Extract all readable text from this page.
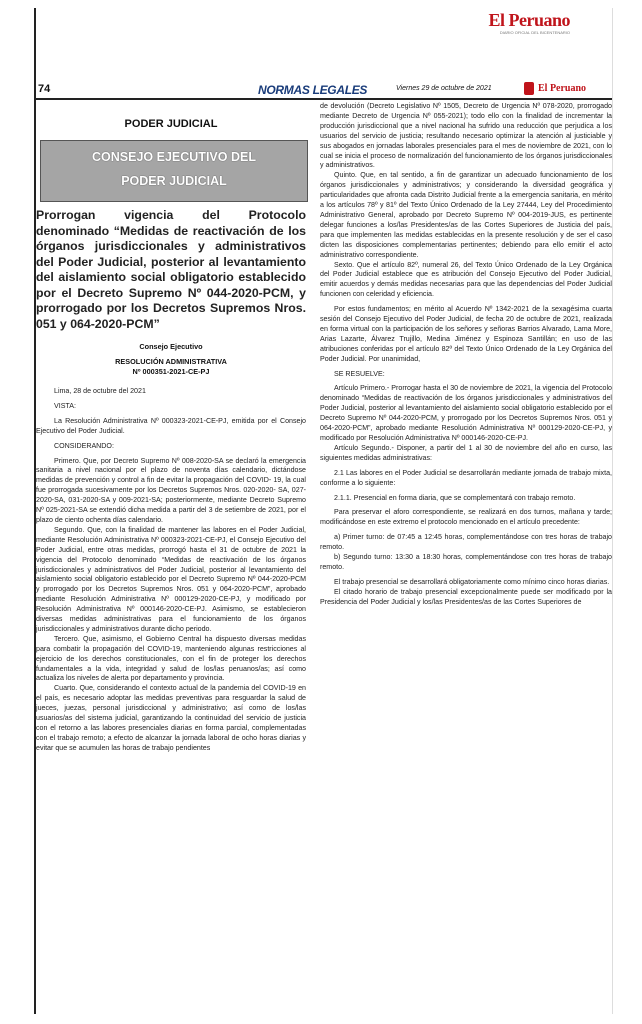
El Peruano
DIARIO OFICIAL DEL BICENTENARIO
74	NORMAS LEGALES	Viernes 29 de octubre de 2021	El Peruano
PODER JUDICIAL
CONSEJO EJECUTIVO DEL
PODER JUDICIAL

Prorrogan vigencia del Protocolo denominado “Medidas de reactivación de los órganos jurisdiccionales y administrativos del Poder Judicial, posterior al levantamiento del aislamiento social obligatorio establecido por el Decreto Supremo Nº 044-2020-PCM, y prorrogado por los Decretos Supremos Nros. 051 y 064-2020-PCM”

Consejo Ejecutivo

RESOLUCIÓN ADMINISTRATIVA

Nº 000351-2021-CE-PJ

Lima, 28 de octubre del 2021

VISTA:

La Resolución Administrativa Nº 000323-2021-CE-PJ, emitida por el Consejo Ejecutivo del Poder Judicial.

CONSIDERANDO:

Primero. Que, por Decreto Supremo Nº 008-2020-SA se declaró la emergencia sanitaria a nivel nacional por el plazo de noventa días calendario, dictándose medidas de prevención y control a fin de evitar la propagación del COVID- 19, la cual fue prorrogada sucesivamente por los Decretos Supremos Nros. 020-2020- SA, 027-2020-SA, 031-2020-SA y 009-2021-SA; posteriormente, mediante Decreto Supremo Nº 025-2021-SA se extendió dicha medida a partir del 3 de setiembre de 2021, por el plazo de ciento ochenta días calendario.

Segundo. Que, con la finalidad de mantener las labores en el Poder Judicial, mediante Resolución Administrativa Nº 000323-2021-CE-PJ, el Consejo Ejecutivo del Poder Judicial, entre otras medidas, prorrogó hasta el 31 de octubre de 2021 la vigencia del Protocolo denominado “Medidas de reactivación de los órganos jurisdiccionales y administrativos del Poder Judicial, posterior al levantamiento del aislamiento social obligatorio establecido por el Decreto Supremo Nº 044-2020-PCM y prorrogado por los Decretos Supremos Nros. 051 y 064-2020-PCM”, aprobado mediante Resolución Administrativa Nº 000129-2020-CE-PJ, y modificado por Resolución Administrativa Nº 000146-2020-CE-PJ. Asimismo, se establecieron diversas medidas administrativas para el funcionamiento de los órganos jurisdiccionales y administrativos durante dicho periodo.

Tercero. Que, asimismo, el Gobierno Central ha dispuesto diversas medidas para combatir la propagación del COVID-19, manteniendo algunas restricciones al ejercicio de los derechos constitucionales, con el fin de proteger los derechos fundamentales a la vida, integridad y salud de los/las peruanos/as; así como actualiza los niveles de alerta por departamento y provincia.

Cuarto. Que, considerando el contexto actual de la pandemia del COVID-19 en el país, es necesario adoptar las medidas preventivas para resguardar la salud de jueces, juezas, personal jurisdiccional y administrativo; así como de los/las usuarios/as del sistema judicial, garantizando la continuidad del servicio de justicia con el retorno a las labores presenciales diarias en forma parcial, complementadas con el trabajo remoto; a efecto de alcanzar la jornada laboral de ocho horas diarias y evitar que se acumulen las horas de trabajo pendientes

de devolución (Decreto Legislativo Nº 1505, Decreto de Urgencia Nº 078-2020, prorrogado mediante Decreto de Urgencia Nº 055-2021); todo ello con la finalidad de incrementar la producción jurisdiccional que a nivel nacional ha sufrido una reducción que perjudica a los usuarios del servicio de justicia; resultando necesario optimizar la atención al justiciable y sus abogados en jornadas laborales presenciales para el mes de noviembre de 2021, con lo cual se inicia el proceso de normalización del funcionamiento de los órganos jurisdiccionales y administrativos.

Quinto. Que, en tal sentido, a fin de garantizar un adecuado funcionamiento de los órganos jurisdiccionales y administrativos; y considerando la diversidad geográfica y particularidades que afronta cada Distrito Judicial frente a la emergencia sanitaria, en mérito a los artículos 78º y 81º del Texto Único Ordenado de la Ley 27444, Ley del Procedimiento Administrativo General, aprobado por Decreto Supremo Nº 004-2019-JUS, es pertinente delegar funciones a los/las Presidentes/as de las Cortes Superiores de Justicia del país, para que implementen las medidas establecidas en la presente resolución y de ser el caso dicten las disposiciones complementarias pertinentes; debiendo para ello emitir el acto administrativo correspondiente.

Sexto. Que el artículo 82º, numeral 26, del Texto Único Ordenado de la Ley Orgánica del Poder Judicial establece que es atribución del Consejo Ejecutivo del Poder Judicial, emitir acuerdos y demás medidas necesarias para que las dependencias del Poder Judicial funcionen con celeridad y eficiencia.

Por estos fundamentos; en mérito al Acuerdo Nº 1342-2021 de la sexagésima cuarta sesión del Consejo Ejecutivo del Poder Judicial, de fecha 20 de octubre de 2021, realizada en forma virtual con la participación de los señores y señoras Barrios Alvarado, Lama More, Arias Lazarte, Álvarez Trujillo, Medina Jiménez y Espinoza Santillán; en uso de las atribuciones conferidas por el artículo 82º del Texto Único Ordenado de la Ley Orgánica del Poder Judicial. Por unanimidad,

SE RESUELVE:

Artículo Primero.- Prorrogar hasta el 30 de noviembre de 2021, la vigencia del Protocolo denominado “Medidas de reactivación de los órganos jurisdiccionales y administrativos del Poder Judicial, posterior al levantamiento del aislamiento social obligatorio establecido por el Decreto Supremo Nº 044-2020-PCM, y prorrogado por los Decretos Supremos Nros. 051 y 064-2020-PCM”, aprobado mediante Resolución Administrativa Nº 000129-2020-CE-PJ, y modificado por Resolución Administrativa Nº 000146-2020-CE-PJ.

Artículo Segundo.- Disponer, a partir del 1 al 30 de noviembre del año en curso, las siguientes medidas administrativas:

2.1 Las labores en el Poder Judicial se desarrollarán mediante jornada de trabajo mixta, conforme a lo siguiente:

2.1.1. Presencial en forma diaria, que se complementará con trabajo remoto.

Para preservar el aforo correspondiente, se realizará en dos turnos, mañana y tarde; modificándose en este extremo el protocolo mencionado en el artículo precedente:

a) Primer turno: de 07:45 a 12:45 horas, complementándose con tres horas de trabajo remoto.

b) Segundo turno: 13:30 a 18:30 horas, complementándose con tres horas de trabajo remoto.

El trabajo presencial se desarrollará obligatoriamente como mínimo cinco horas diarias.

El citado horario de trabajo presencial excepcionalmente puede ser modificado por la Presidencia del Poder Judicial y los/las Presidentes/as de las Cortes Superiores de
